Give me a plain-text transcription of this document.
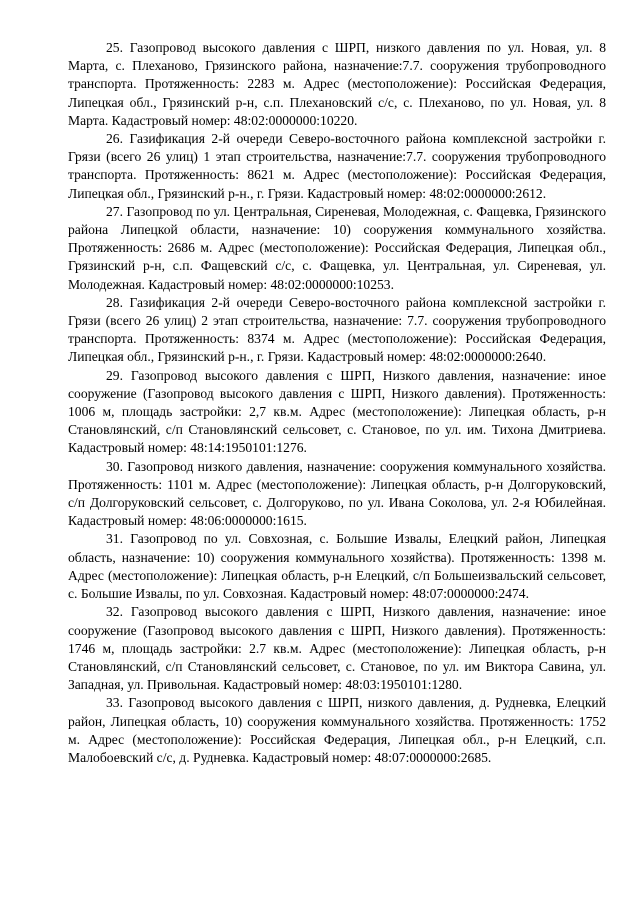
25. Газопровод высокого давления с ШРП, низкого давления по ул. Новая, ул. 8 Марта, с. Плеханово, Грязинского района, назначение:7.7. сооружения трубопроводного транспорта. Протяженность: 2283 м. Адрес (местоположение): Российская Федерация, Липецкая обл., Грязинский р-н, с.п. Плехановский с/с, с. Плеханово, по ул. Новая, ул. 8 Марта. Кадастровый номер: 48:02:0000000:10220.

26. Газификация 2-й очереди Северо-восточного района комплексной застройки г. Грязи (всего 26 улиц) 1 этап строительства, назначение:7.7. сооружения трубопроводного транспорта. Протяженность: 8621 м. Адрес (местоположение): Российская Федерация, Липецкая обл., Грязинский р-н., г. Грязи. Кадастровый номер: 48:02:0000000:2612.

27. Газопровод по ул. Центральная, Сиреневая, Молодежная, с. Фащевка, Грязинского района Липецкой области, назначение: 10) сооружения коммунального хозяйства. Протяженность: 2686 м. Адрес (местоположение): Российская Федерация, Липецкая обл., Грязинский р-н, с.п. Фащевский с/с, с. Фащевка, ул. Центральная, ул. Сиреневая, ул. Молодежная. Кадастровый номер: 48:02:0000000:10253.

28. Газификация 2-й очереди Северо-восточного района комплексной застройки г. Грязи (всего 26 улиц) 2 этап строительства, назначение: 7.7. сооружения трубопроводного транспорта. Протяженность: 8374 м. Адрес (местоположение): Российская Федерация, Липецкая обл., Грязинский р-н., г. Грязи. Кадастровый номер: 48:02:0000000:2640.

29. Газопровод высокого давления с ШРП, Низкого давления, назначение: иное сооружение (Газопровод высокого давления с ШРП, Низкого давления). Протяженность: 1006 м, площадь застройки: 2,7 кв.м. Адрес (местоположение): Липецкая область, р-н Становлянский, с/п Становлянский сельсовет, с. Становое, по ул. им. Тихона Дмитриева. Кадастровый номер: 48:14:1950101:1276.

30. Газопровод низкого давления, назначение: сооружения коммунального хозяйства. Протяженность: 1101 м. Адрес (местоположение): Липецкая область, р-н Долгоруковский, с/п Долгоруковский сельсовет, с. Долгоруково, по ул. Ивана Соколова, ул. 2-я Юбилейная. Кадастровый номер: 48:06:0000000:1615.

31. Газопровод по ул. Совхозная, с. Большие Извалы, Елецкий район, Липецкая область, назначение: 10) сооружения коммунального хозяйства). Протяженность: 1398 м. Адрес (местоположение): Липецкая область, р-н Елецкий, с/п Большеизвальский сельсовет, с. Большие Извалы, по ул. Совхозная. Кадастровый номер: 48:07:0000000:2474.

32. Газопровод высокого давления с ШРП, Низкого давления, назначение: иное сооружение (Газопровод высокого давления с ШРП, Низкого давления). Протяженность: 1746 м, площадь застройки: 2.7 кв.м. Адрес (местоположение): Липецкая область, р-н Становлянский, с/п Становлянский сельсовет, с. Становое, по ул. им Виктора Савина, ул. Западная, ул. Привольная. Кадастровый номер: 48:03:1950101:1280.

33. Газопровод высокого давления с ШРП, низкого давления, д. Рудневка, Елецкий район, Липецкая область, 10) сооружения коммунального хозяйства. Протяженность: 1752 м. Адрес (местоположение): Российская Федерация, Липецкая обл., р-н Елецкий, с.п. Малобоевский с/с, д. Рудневка. Кадастровый номер: 48:07:0000000:2685.
